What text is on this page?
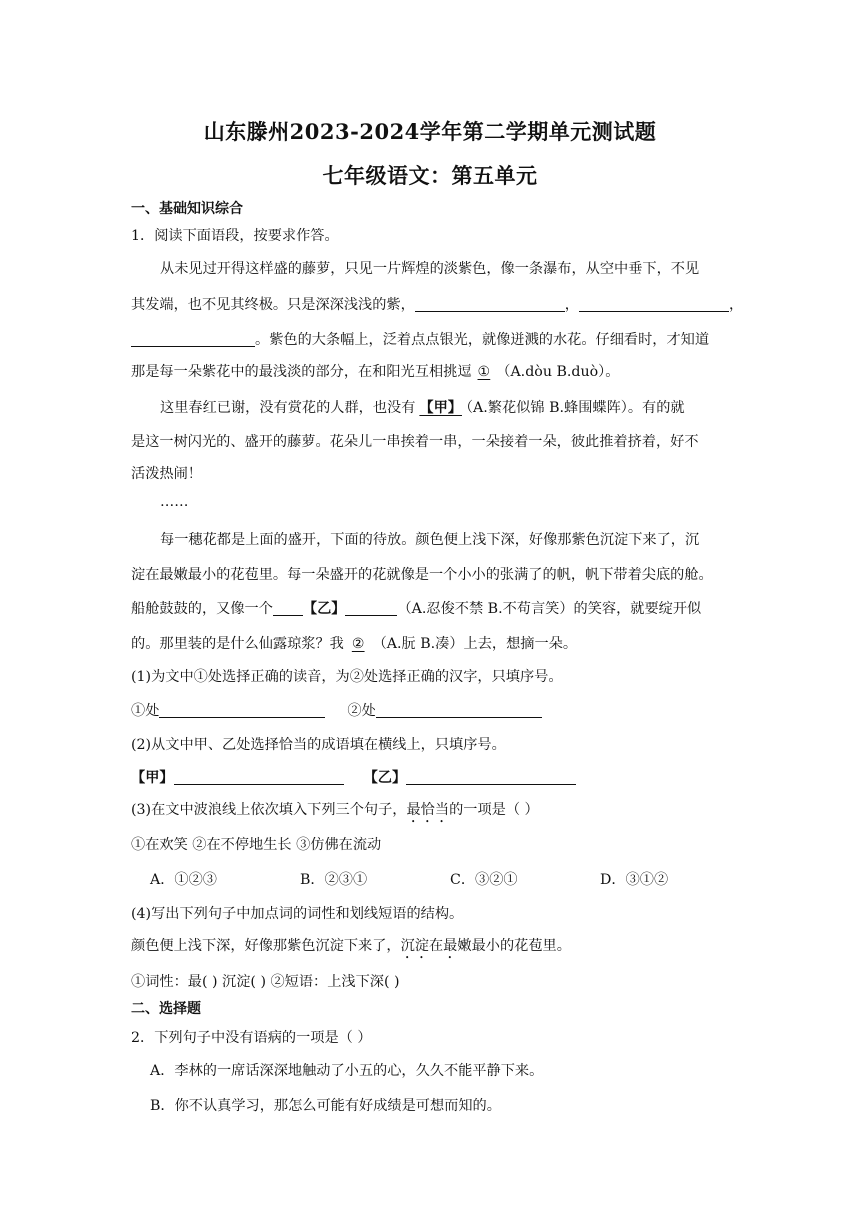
山东滕州2023-2024学年第二学期单元测试题
七年级语文：第五单元
一、基础知识综合
1．阅读下面语段，按要求作答。
从未见过开得这样盛的藤萝，只见一片辉煌的淡紫色，像一条瀑布，从空中垂下，不见
其发端，也不见其终极。只是深深浅浅的紫，	，	，
。紫色的大条幅上，泛着点点银光，就像迸溅的水花。仔细看时，才知道
那是每一朵紫花中的最浅淡的部分，在和阳光互相挑逗 ① （A.dòu B.duò）。
这里春红已谢，没有赏花的人群，也没有 【甲】 （A.繁花似锦 B.蜂围蝶阵）。有的就
是这一树闪光的、盛开的藤萝。花朵儿一串挨着一串，一朵接着一朵，彼此推着挤着，好不
活泼热闹！
……
每一穗花都是上面的盛开，下面的待放。颜色便上浅下深，好像那紫色沉淀下来了，沉
淀在最嫩最小的花苞里。每一朵盛开的花就像是一个小小的张满了的帆，帆下带着尖底的舱。
船舱鼓鼓的，又像一个 【乙】	（A.忍俊不禁 B.不苟言笑）的笑容，就要绽开似
的。那里装的是什么仙露琼浆？我 ② （A.朊 B.凑）上去，想摘一朵。
(1)为文中①处选择正确的读音，为②处选择正确的汉字，只填序号。
①处	②处
(2)从文中甲、乙处选择恰当的成语填在横线上，只填序号。
【甲】	【乙】
(3)在文中波浪线上依次填入下列三个句子，最恰当的一项是（ ）
①在欢笑 ②在不停地生长 ③仿佛在流动
A．①②③	B．②③①	C．③②①	D．③①②
(4)写出下列句子中加点词的词性和划线短语的结构。
颜色便上浅下深，好像那紫色沉淀下来了，沉淀在最嫩最小的花苞里。
①词性：最( ) 沉淀( ) ②短语：上浅下深( )
二、选择题
2．下列句子中没有语病的一项是（ ）
A．李林的一席话深深地触动了小五的心，久久不能平静下来。
B．你不认真学习，那怎么可能有好成绩是可想而知的。
